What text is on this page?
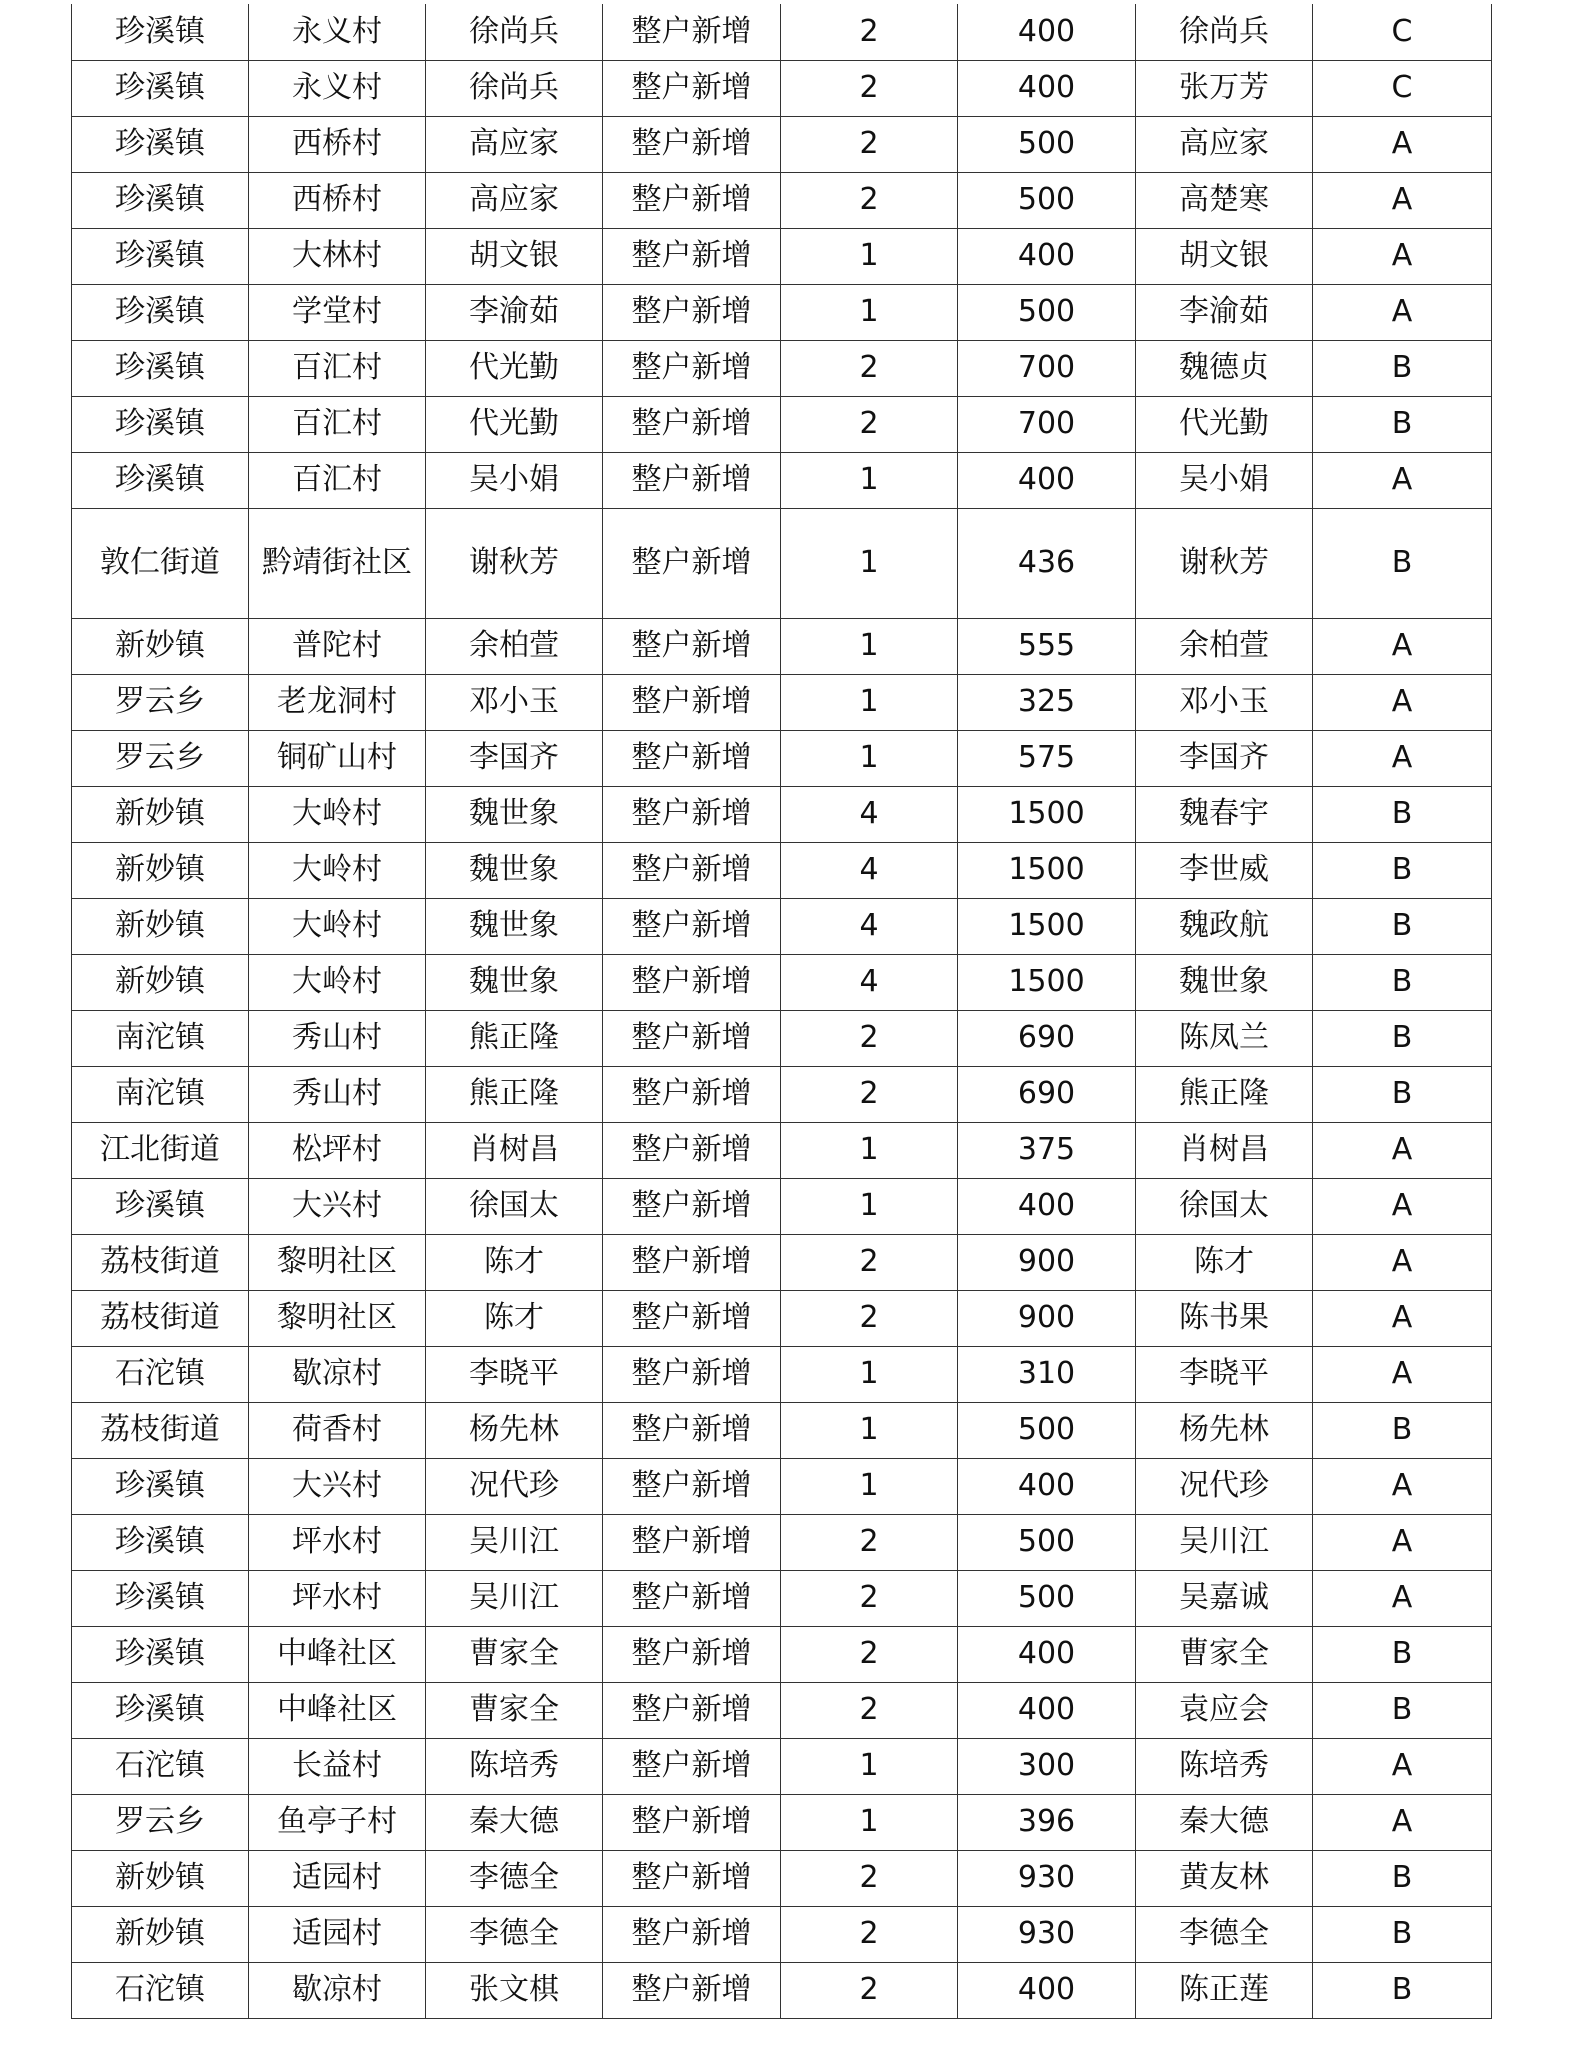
珍溪镇	永义村	徐尚兵	整户新增	2	400	徐尚兵	C
珍溪镇	永义村	徐尚兵	整户新增	2	400	张万芳	C
珍溪镇	西桥村	高应家	整户新增	2	500	高应家	A
珍溪镇	西桥村	高应家	整户新增	2	500	高楚寒	A
珍溪镇	大林村	胡文银	整户新增	1	400	胡文银	A
珍溪镇	学堂村	李渝茹	整户新增	1	500	李渝茹	A
珍溪镇	百汇村	代光勤	整户新增	2	700	魏德贞	B
珍溪镇	百汇村	代光勤	整户新增	2	700	代光勤	B
珍溪镇	百汇村	吴小娟	整户新增	1	400	吴小娟	A
敦仁街道	黔靖街社区	谢秋芳	整户新增	1	436	谢秋芳	B
新妙镇	普陀村	余柏萱	整户新增	1	555	余柏萱	A
罗云乡	老龙洞村	邓小玉	整户新增	1	325	邓小玉	A
罗云乡	铜矿山村	李国齐	整户新增	1	575	李国齐	A
新妙镇	大岭村	魏世象	整户新增	4	1500	魏春宇	B
新妙镇	大岭村	魏世象	整户新增	4	1500	李世威	B
新妙镇	大岭村	魏世象	整户新增	4	1500	魏政航	B
新妙镇	大岭村	魏世象	整户新增	4	1500	魏世象	B
南沱镇	秀山村	熊正隆	整户新增	2	690	陈凤兰	B
南沱镇	秀山村	熊正隆	整户新增	2	690	熊正隆	B
江北街道	松坪村	肖树昌	整户新增	1	375	肖树昌	A
珍溪镇	大兴村	徐国太	整户新增	1	400	徐国太	A
荔枝街道	黎明社区	陈才	整户新增	2	900	陈才	A
荔枝街道	黎明社区	陈才	整户新增	2	900	陈书果	A
石沱镇	歇凉村	李晓平	整户新增	1	310	李晓平	A
荔枝街道	荷香村	杨先林	整户新增	1	500	杨先林	B
珍溪镇	大兴村	况代珍	整户新增	1	400	况代珍	A
珍溪镇	坪水村	吴川江	整户新增	2	500	吴川江	A
珍溪镇	坪水村	吴川江	整户新增	2	500	吴嘉诚	A
珍溪镇	中峰社区	曹家全	整户新增	2	400	曹家全	B
珍溪镇	中峰社区	曹家全	整户新增	2	400	袁应会	B
石沱镇	长益村	陈培秀	整户新增	1	300	陈培秀	A
罗云乡	鱼亭子村	秦大德	整户新增	1	396	秦大德	A
新妙镇	适园村	李德全	整户新增	2	930	黄友林	B
新妙镇	适园村	李德全	整户新增	2	930	李德全	B
石沱镇	歇凉村	张文棋	整户新增	2	400	陈正莲	B
